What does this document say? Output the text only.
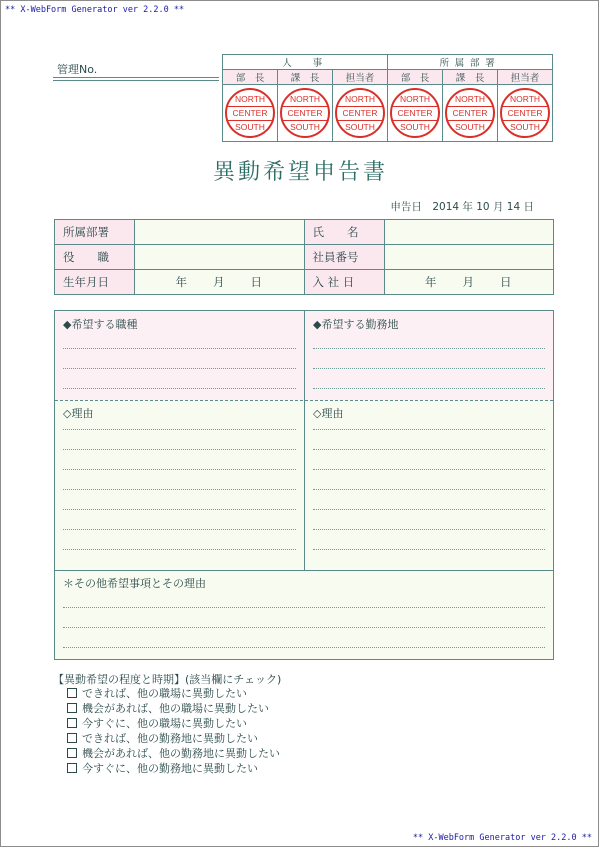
** X-WebForm Generator ver 2.2.0 **
管理No.	人　事			所属部署		
部　長	課　長	担当者	部　長	課　長	担当者

NORTH
CENTER
SOUTH	NORTH
CENTER
SOUTH	NORTH
CENTER
SOUTH	NORTH
CENTER
SOUTH	NORTH
CENTER
SOUTH	NORTH
CENTER
SOUTH
異動希望申告書
申告日　2014 年 10 月 14 日
所属部署		氏　　名	
役　　職		社員番号	
生年月日	年　　月　　日	入 社 日	年　　月　　日
◆希望する職種	◆希望する勤務地
◇理由	◇理由
＊その他希望事項とその理由
【異動希望の程度と時期】(該当欄にチェック)
できれば、他の職場に異動したい
機会があれば、他の職場に異動したい
今すぐに、他の職場に異動したい
できれば、他の勤務地に異動したい
機会があれば、他の勤務地に異動したい
今すぐに、他の勤務地に異動したい
** X-WebForm Generator ver 2.2.0 **
